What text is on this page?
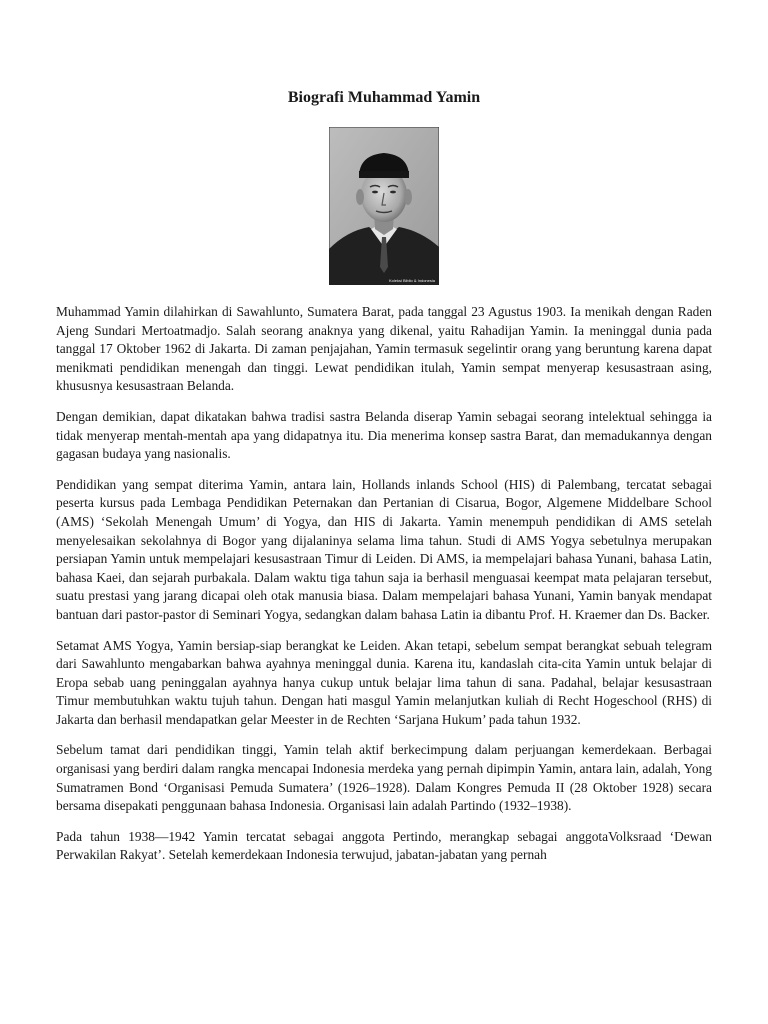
Biografi Muhammad Yamin
Koleksi Biblio & Indonesia

Muhammad Yamin dilahirkan di Sawahlunto, Sumatera Barat, pada tanggal 23 Agustus 1903. Ia menikah dengan Raden Ajeng Sundari Mertoatmadjo. Salah seorang anaknya yang dikenal, yaitu Rahadijan Yamin. Ia meninggal dunia pada tanggal 17 Oktober 1962 di Jakarta. Di zaman penjajahan, Yamin termasuk segelintir orang yang beruntung karena dapat menikmati pendidikan menengah dan tinggi. Lewat pendidikan itulah, Yamin sempat menyerap kesusastraan asing, khususnya kesusastraan Belanda.

Dengan demikian, dapat dikatakan bahwa tradisi sastra Belanda diserap Yamin sebagai seorang intelektual sehingga ia tidak menyerap mentah-mentah apa yang didapatnya itu. Dia menerima konsep sastra Barat, dan memadukannya dengan gagasan budaya yang nasionalis.

Pendidikan yang sempat diterima Yamin, antara lain, Hollands inlands School (HIS) di Palembang, tercatat sebagai peserta kursus pada Lembaga Pendidikan Peternakan dan Pertanian di Cisarua, Bogor, Algemene Middelbare School (AMS) ‘Sekolah Menengah Umum’ di Yogya, dan HIS di Jakarta. Yamin menempuh pendidikan di AMS setelah menyelesaikan sekolahnya di Bogor yang dijalaninya selama lima tahun. Studi di AMS Yogya sebetulnya merupakan persiapan Yamin untuk mempelajari kesusastraan Timur di Leiden. Di AMS, ia mempelajari bahasa Yunani, bahasa Latin, bahasa Kaei, dan sejarah purbakala. Dalam waktu tiga tahun saja ia berhasil menguasai keempat mata pelajaran tersebut, suatu prestasi yang jarang dicapai oleh otak manusia biasa. Dalam mempelajari bahasa Yunani, Yamin banyak mendapat bantuan dari pastor-pastor di Seminari Yogya, sedangkan dalam bahasa Latin ia dibantu Prof. H. Kraemer dan Ds. Backer.

Setamat AMS Yogya, Yamin bersiap-siap berangkat ke Leiden. Akan tetapi, sebelum sempat berangkat sebuah telegram dari Sawahlunto mengabarkan bahwa ayahnya meninggal dunia. Karena itu, kandaslah cita-cita Yamin untuk belajar di Eropa sebab uang peninggalan ayahnya hanya cukup untuk belajar lima tahun di sana. Padahal, belajar kesusastraan Timur membutuhkan waktu tujuh tahun. Dengan hati masgul Yamin melanjutkan kuliah di Recht Hogeschool (RHS) di Jakarta dan berhasil mendapatkan gelar Meester in de Rechten ‘Sarjana Hukum’ pada tahun 1932.

Sebelum tamat dari pendidikan tinggi, Yamin telah aktif berkecimpung dalam perjuangan kemerdekaan. Berbagai organisasi yang berdiri dalam rangka mencapai Indonesia merdeka yang pernah dipimpin Yamin, antara lain, adalah, Yong Sumatramen Bond ‘Organisasi Pemuda Sumatera’ (1926–1928). Dalam Kongres Pemuda II (28 Oktober 1928) secara bersama disepakati penggunaan bahasa Indonesia. Organisasi lain adalah Partindo (1932–1938).

Pada tahun 1938—1942 Yamin tercatat sebagai anggota Pertindo, merangkap sebagai anggotaVolksraad ‘Dewan Perwakilan Rakyat’. Setelah kemerdekaan Indonesia terwujud, jabatan-jabatan yang pernah
